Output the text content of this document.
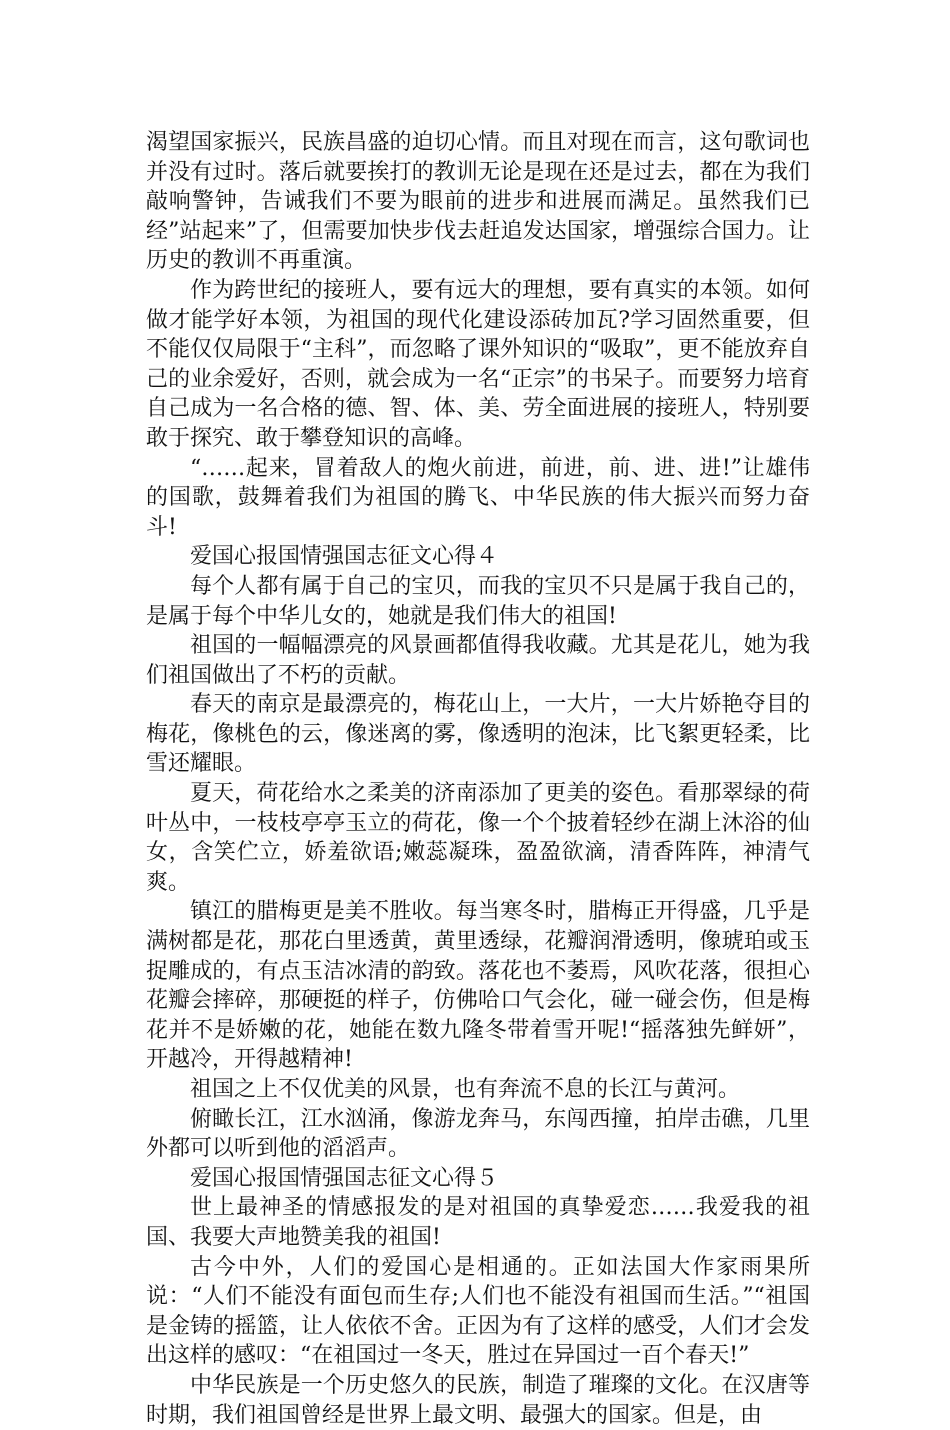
渴望国家振兴，民族昌盛的迫切心情。而且对现在而言，这句歌词也并没有过时。落后就要挨打的教训无论是现在还是过去，都在为我们敲响警钟，告诫我们不要为眼前的进步和进展而满足。虽然我们已经”站起来”了，但需要加快步伐去赶追发达国家，增强综合国力。让历史的教训不再重演。

作为跨世纪的接班人，要有远大的理想，要有真实的本领。如何做才能学好本领，为祖国的现代化建设添砖加瓦?学习固然重要，但不能仅仅局限于“主科”，而忽略了课外知识的“吸取”，更不能放弃自己的业余爱好，否则，就会成为一名“正宗”的书呆子。而要努力培育自己成为一名合格的德、智、体、美、劳全面进展的接班人，特别要敢于探究、敢于攀登知识的高峰。

“……起来，冒着敌人的炮火前进，前进，前、进、进!”让雄伟的国歌，鼓舞着我们为祖国的腾飞、中华民族的伟大振兴而努力奋斗!

爱国心报国情强国志征文心得４

每个人都有属于自己的宝贝，而我的宝贝不只是属于我自己的，是属于每个中华儿女的，她就是我们伟大的祖国!

祖国的一幅幅漂亮的风景画都值得我收藏。尤其是花儿，她为我们祖国做出了不朽的贡献。

春天的南京是最漂亮的，梅花山上，一大片，一大片娇艳夺目的梅花，像桃色的云，像迷离的雾，像透明的泡沫，比飞絮更轻柔，比雪还耀眼。

夏天，荷花给水之柔美的济南添加了更美的姿色。看那翠绿的荷叶丛中，一枝枝亭亭玉立的荷花，像一个个披着轻纱在湖上沐浴的仙女，含笑伫立，娇羞欲语;嫩蕊凝珠，盈盈欲滴，清香阵阵，神清气爽。

镇江的腊梅更是美不胜收。每当寒冬时，腊梅正开得盛，几乎是满树都是花，那花白里透黄，黄里透绿，花瓣润滑透明，像琥珀或玉捉雕成的，有点玉洁冰清的韵致。落花也不萎焉，风吹花落，很担心花瓣会摔碎，那硬挺的样子，仿佛哈口气会化，碰一碰会伤，但是梅花并不是娇嫩的花，她能在数九隆冬带着雪开呢!“摇落独先鲜妍”，开越冷，开得越精神!

祖国之上不仅优美的风景，也有奔流不息的长江与黄河。

俯瞰长江，江水汹涌，像游龙奔马，东闯西撞，拍岸击礁，几里外都可以听到他的滔滔声。

爱国心报国情强国志征文心得５

世上最神圣的情感报发的是对祖国的真挚爱恋……我爱我的祖国、我要大声地赞美我的祖国!

古今中外，人们的爱国心是相通的。正如法国大作家雨果所说：“人们不能没有面包而生存;人们也不能没有祖国而生活。”“祖国是金铸的摇篮，让人依依不舍。正因为有了这样的感受，人们才会发出这样的感叹：“在祖国过一冬天，胜过在异国过一百个春天!”

中华民族是一个历史悠久的民族，制造了璀璨的文化。在汉唐等时期，我们祖国曾经是世界上最文明、最强大的国家。但是，由
